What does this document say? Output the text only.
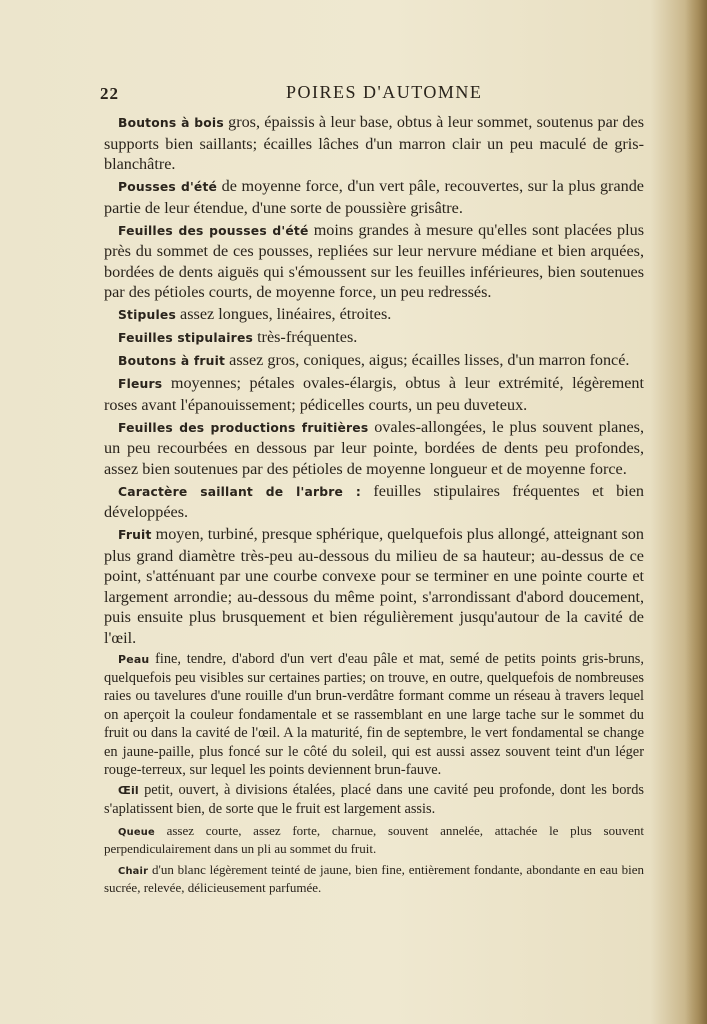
22	POIRES D'AUTOMNE

Boutons à bois gros, épaissis à leur base, obtus à leur sommet, soutenus par des supports bien saillants; écailles lâches d'un marron clair un peu maculé de gris-blanchâtre.

Pousses d'été de moyenne force, d'un vert pâle, recouvertes, sur la plus grande partie de leur étendue, d'une sorte de poussière grisâtre.

Feuilles des pousses d'été moins grandes à mesure qu'elles sont placées plus près du sommet de ces pousses, repliées sur leur nervure médiane et bien arquées, bordées de dents aiguës qui s'émoussent sur les feuilles inférieures, bien soutenues par des pétioles courts, de moyenne force, un peu redressés.

Stipules assez longues, linéaires, étroites.

Feuilles stipulaires très-fréquentes.

Boutons à fruit assez gros, coniques, aigus; écailles lisses, d'un marron foncé.

Fleurs moyennes; pétales ovales-élargis, obtus à leur extrémité, légèrement roses avant l'épanouissement; pédicelles courts, un peu duveteux.

Feuilles des productions fruitières ovales-allongées, le plus souvent planes, un peu recourbées en dessous par leur pointe, bordées de dents peu profondes, assez bien soutenues par des pétioles de moyenne longueur et de moyenne force.

Caractère saillant de l'arbre : feuilles stipulaires fréquentes et bien développées.

Fruit moyen, turbiné, presque sphérique, quelquefois plus allongé, atteignant son plus grand diamètre très-peu au-dessous du milieu de sa hauteur; au-dessus de ce point, s'atténuant par une courbe convexe pour se terminer en une pointe courte et largement arrondie; au-dessous du même point, s'arrondissant d'abord doucement, puis ensuite plus brusquement et bien régulièrement jusqu'autour de la cavité de l'œil.

Peau fine, tendre, d'abord d'un vert d'eau pâle et mat, semé de petits points gris-bruns, quelquefois peu visibles sur certaines parties; on trouve, en outre, quelquefois de nombreuses raies ou tavelures d'une rouille d'un brun-verdâtre formant comme un réseau à travers lequel on aperçoit la couleur fondamentale et se rassemblant en une large tache sur le sommet du fruit ou dans la cavité de l'œil. A la maturité, fin de septembre, le vert fondamental se change en jaune-paille, plus foncé sur le côté du soleil, qui est aussi assez souvent teint d'un léger rouge-terreux, sur lequel les points deviennent brun-fauve.

Œil petit, ouvert, à divisions étalées, placé dans une cavité peu profonde, dont les bords s'aplatissent bien, de sorte que le fruit est largement assis.

Queue assez courte, assez forte, charnue, souvent annelée, attachée le plus souvent perpendiculairement dans un pli au sommet du fruit.

Chair d'un blanc légèrement teinté de jaune, bien fine, entièrement fondante, abondante en eau bien sucrée, relevée, délicieusement parfumée.
